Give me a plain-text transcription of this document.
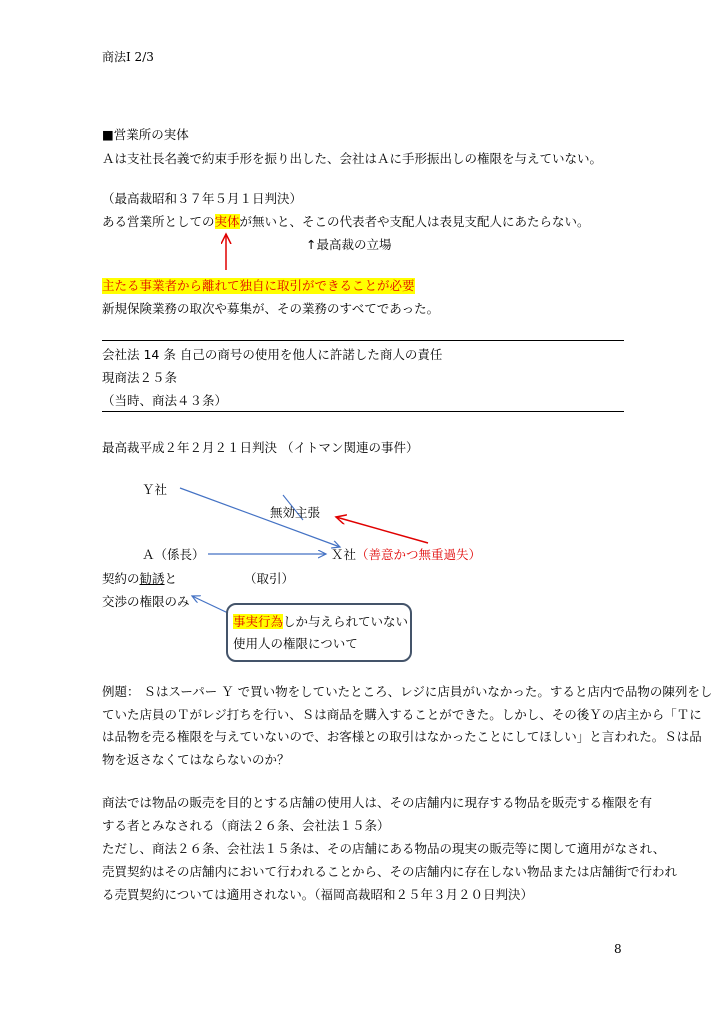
商法Ⅰ 2/3
■営業所の実体
Ａは支社長名義で約束手形を振り出した、会社はＡに手形振出しの権限を与えていない。
（最高裁昭和３７年５月１日判決）
ある営業所としての実体が無いと、そこの代表者や支配人は表見支配人にあたらない。
↑最高裁の立場
主たる事業者から離れて独自に取引ができることが必要
新規保険業務の取次や募集が、その業務のすべてであった。
会社法 14 条 自己の商号の使用を他人に許諾した商人の責任
現商法２５条
（当時、商法４３条）
最高裁平成２年２月２１日判決 （イトマン関連の事件）
Ｙ社
無効主張
Ａ（係長）	Ｘ社（善意かつ無重過失）
契約の勧誘と	（取引）
交渉の権限のみ
事実行為しか与えられていない
使用人の権限について
例題： Ｓはスーパー Ｙ で買い物をしていたところ、レジに店員がいなかった。すると店内で品物の陳列をし
ていた店員のＴがレジ打ちを行い、Ｓは商品を購入することができた。しかし、その後Ｙの店主から「Ｔに
は品物を売る権限を与えていないので、お客様との取引はなかったことにしてほしい」と言われた。Ｓは品
物を返さなくてはならないのか？
商法では物品の販売を目的とする店舗の使用人は、その店舗内に現存する物品を販売する権限を有
する者とみなされる（商法２６条、会社法１５条）
ただし、商法２６条、会社法１５条は、その店舗にある物品の現実の販売等に関して適用がなされ、
売買契約はその店舗内において行われることから、その店舗内に存在しない物品または店舗街で行われ
る売買契約については適用されない。（福岡高裁昭和２５年３月２０日判決）
8
